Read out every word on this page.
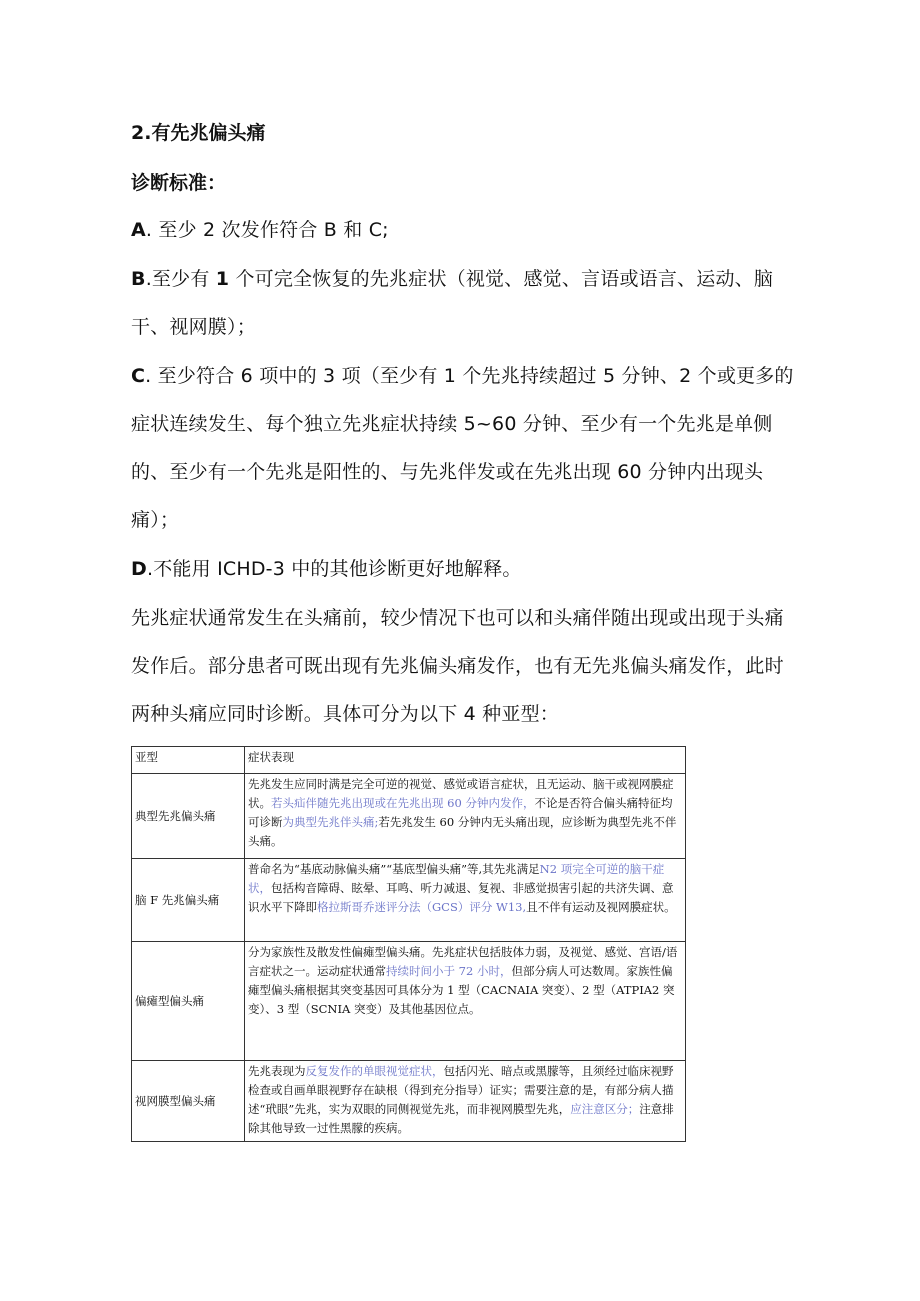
2.有先兆偏头痛
诊断标准：
A. 至少 2 次发作符合 B 和 C;
B.至少有 1 个可完全恢复的先兆症状（视觉、感觉、言语或语言、运动、脑干、视网膜）；
C. 至少符合 6 项中的 3 项（至少有 1 个先兆持续超过 5 分钟、2 个或更多的症状连续发生、每个独立先兆症状持续 5~60 分钟、至少有一个先兆是单侧的、至少有一个先兆是阳性的、与先兆伴发或在先兆出现 60 分钟内出现头痛）；
D.不能用 ICHD-3 中的其他诊断更好地解释。
先兆症状通常发生在头痛前，较少情况下也可以和头痛伴随出现或出现于头痛发作后。部分患者可既出现有先兆偏头痛发作，也有无先兆偏头痛发作，此时两种头痛应同时诊断。具体可分为以下 4 种亚型：
亚型	症状表现
典型先兆偏头痛	先兆发生应同时满是完全可逆的视觉、感觉或语言症状，且无运动、脑干或视网膜症状。若头疝伴随先兆出现或在先兆出现 60 分钟内发作，不论是否符合偏头痛特征均可诊断为典型先兆伴头痛;若先兆发生 60 分钟内无头痛出现，应诊断为典型先兆不伴头痛。
脑 F 先兆偏头痛	普命名为“基底动脉偏头痛”“基底型偏头痛”等,其先兆满足N2 项完全可逆的脑干症状，包括构音障碍、眩晕、耳鸣、听力减退、复视、非感觉损害引起的共济失调、意识水平下降即格拉斯哥乔迷评分法（GCS）评分 W13,且不伴有运动及视网膜症状。
偏瘫型偏头痛	分为家族性及散发性偏瘫型偏头痛。先兆症状包括肢体力弱，及视觉、感觉、宫语/语言症状之一。运动症状通常持续时间小于 72 小时，但部分病人可达数周。家族性偏瘫型偏头痛根据其突变基因可具体分为 1 型（CACNAIA 突变）、2 型（ATPIA2 突变）、3 型（SCNIA 突变）及其他基因位点。
视网膜型偏头痛	先兆表现为反复发作的单眼视觉症状，包括闪光、暗点或黑朦等，且须经过临床视野检查或自画单眼视野存在缺根（得到充分指导）证实；需要注意的是，有部分病人描述“玳眼”先兆，实为双眼的同侧视觉先兆，而非视网膜型先兆，应注意区分；注意排除其他导致一过性黑朦的疾病。
